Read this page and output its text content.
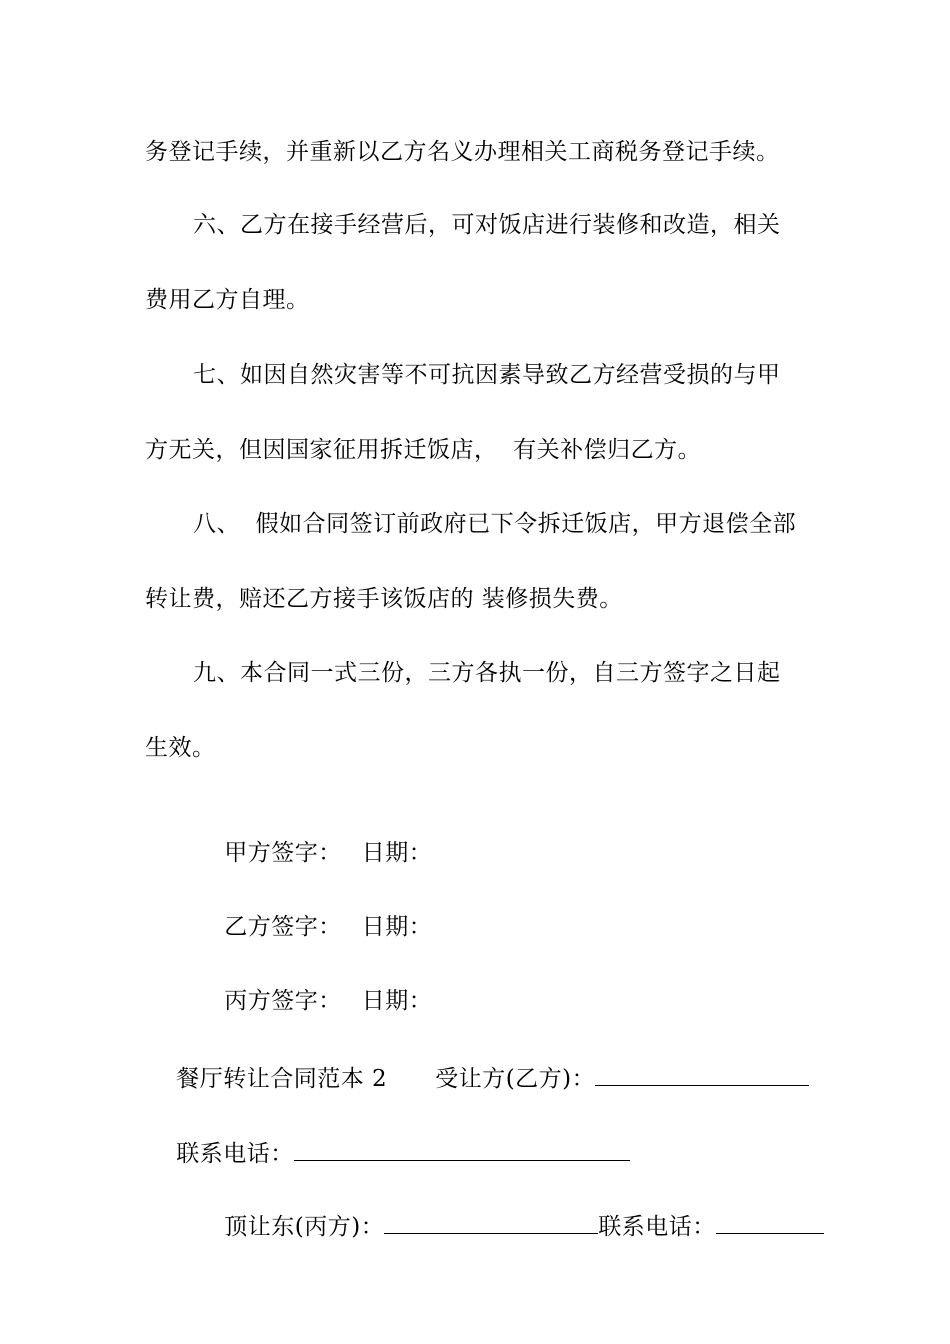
务登记手续，并重新以乙方名义办理相关工商税务登记手续。
六、乙方在接手经营后，可对饭店进行装修和改造，相关
费用乙方自理。
七、如因自然灾害等不可抗因素导致乙方经营受损的与甲
方无关，但因国家征用拆迁饭店，  有关补偿归乙方。
八、  假如合同签订前政府已下令拆迁饭店，甲方退偿全部
转让费，赔还乙方接手该饭店的 装修损失费。
九、本合同一式三份，三方各执一份，自三方签字之日起
生效。

甲方签字： 日期：

乙方签字： 日期：

丙方签字： 日期：

餐厅转让合同范本 2 受让方(乙方)：

联系电话：

顶让东(丙方)：	联系电话：
